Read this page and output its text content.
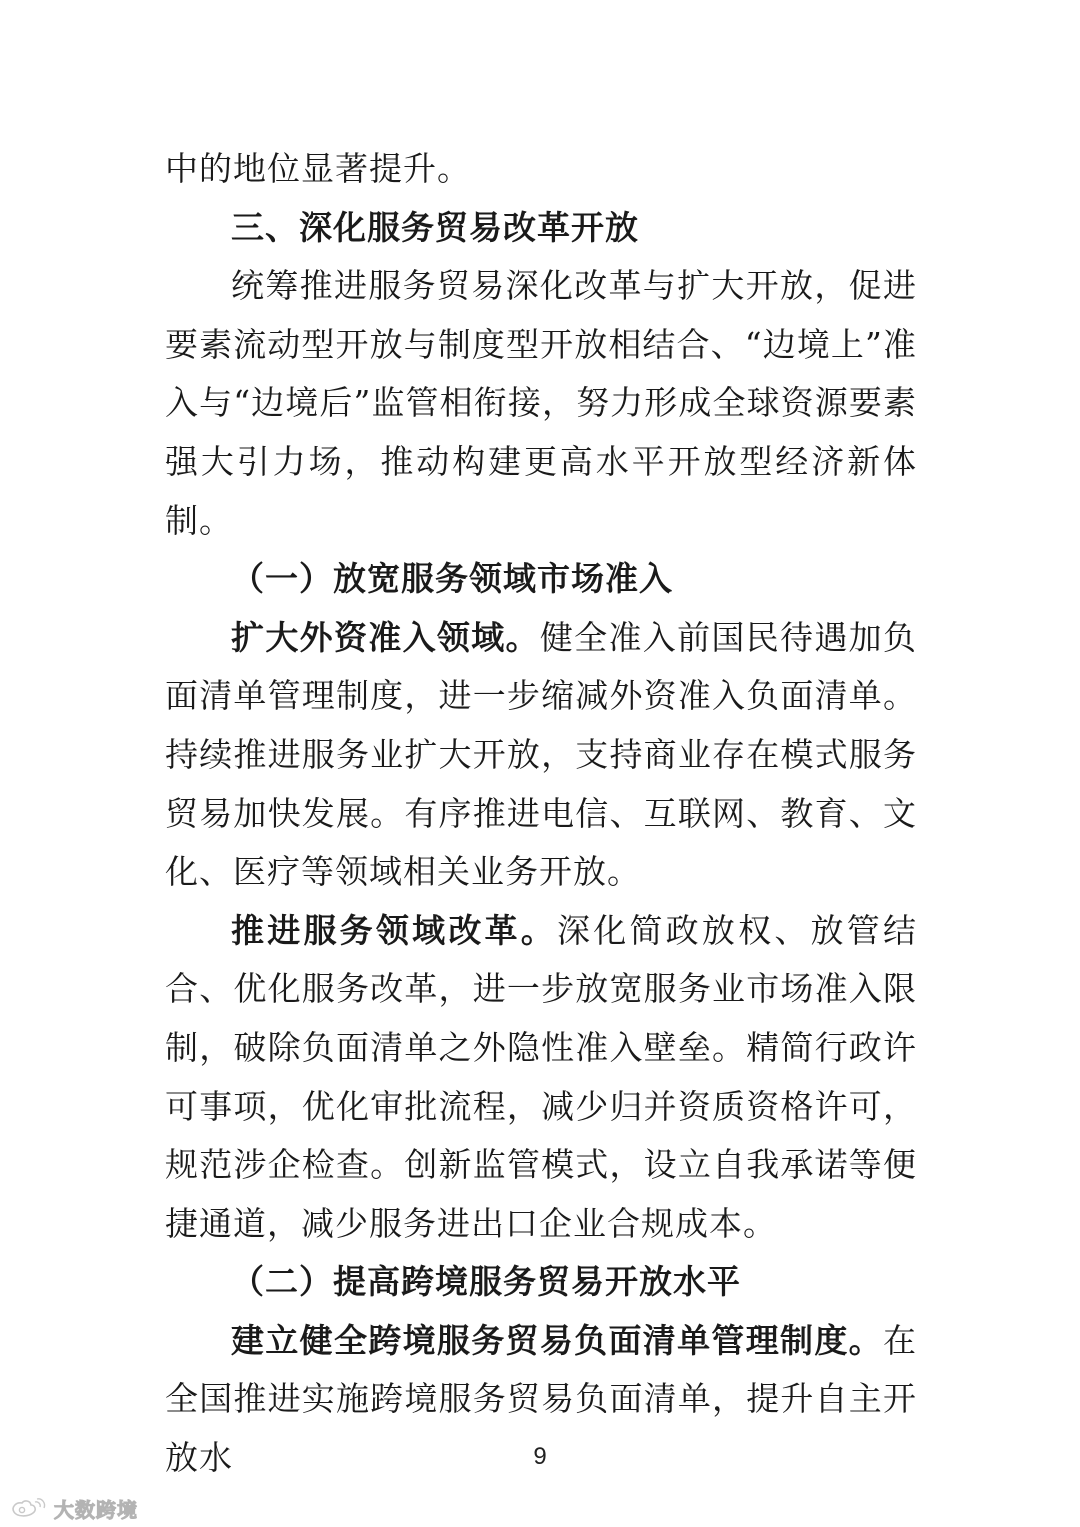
中的地位显著提升。

三、深化服务贸易改革开放

统筹推进服务贸易深化改革与扩大开放，促进要素流动型开放与制度型开放相结合、“边境上”准入与“边境后”监管相衔接，努力形成全球资源要素强大引力场，推动构建更高水平开放型经济新体制。

（一）放宽服务领域市场准入

扩大外资准入领域。健全准入前国民待遇加负面清单管理制度，进一步缩减外资准入负面清单。持续推进服务业扩大开放，支持商业存在模式服务贸易加快发展。有序推进电信、互联网、教育、文化、医疗等领域相关业务开放。

推进服务领域改革。深化简政放权、放管结合、优化服务改革，进一步放宽服务业市场准入限制，破除负面清单之外隐性准入壁垒。精简行政许可事项，优化审批流程，减少归并资质资格许可，规范涉企检查。创新监管模式，设立自我承诺等便捷通道，减少服务进出口企业合规成本。

（二）提高跨境服务贸易开放水平

建立健全跨境服务贸易负面清单管理制度。在全国推进实施跨境服务贸易负面清单，提升自主开放水	9
大数跨境
